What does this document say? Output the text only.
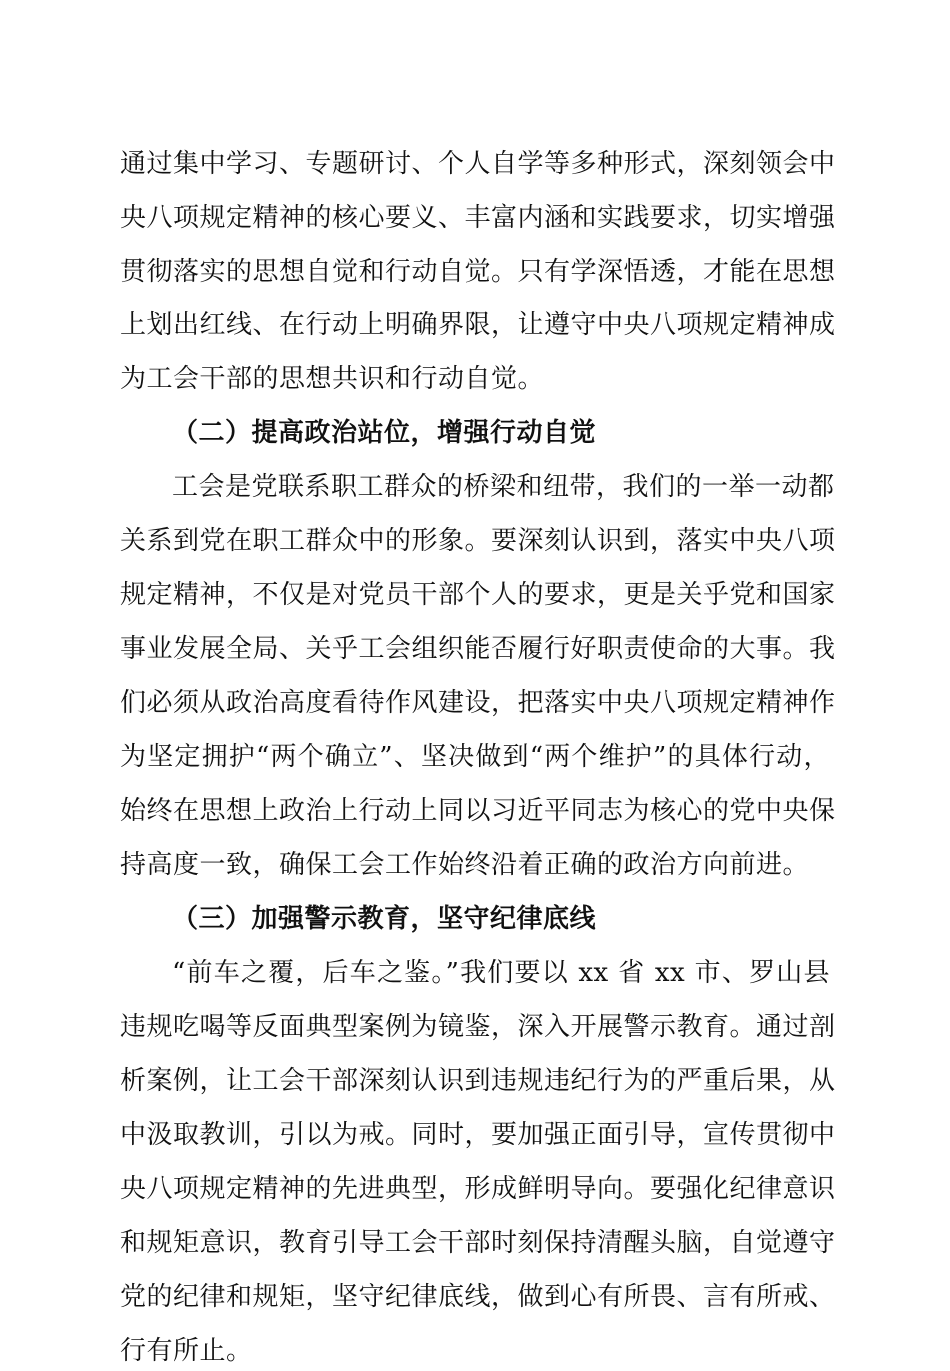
通过集中学习、专题研讨、个人自学等多种形式，深刻领会中
央八项规定精神的核心要义、丰富内涵和实践要求，切实增强
贯彻落实的思想自觉和行动自觉。只有学深悟透，才能在思想
上划出红线、在行动上明确界限，让遵守中央八项规定精神成
为工会干部的思想共识和行动自觉。
（二）提高政治站位，增强行动自觉
工会是党联系职工群众的桥梁和纽带，我们的一举一动都
关系到党在职工群众中的形象。要深刻认识到，落实中央八项
规定精神，不仅是对党员干部个人的要求，更是关乎党和国家
事业发展全局、关乎工会组织能否履行好职责使命的大事。我
们必须从政治高度看待作风建设，把落实中央八项规定精神作
为坚定拥护“两个确立”、坚决做到“两个维护”的具体行动，
始终在思想上政治上行动上同以习近平同志为核心的党中央保
持高度一致，确保工会工作始终沿着正确的政治方向前进。
（三）加强警示教育，坚守纪律底线
“前车之覆，后车之鉴。”我们要以 xx 省 xx 市、罗山县
违规吃喝等反面典型案例为镜鉴，深入开展警示教育。通过剖
析案例，让工会干部深刻认识到违规违纪行为的严重后果，从
中汲取教训，引以为戒。同时，要加强正面引导，宣传贯彻中
央八项规定精神的先进典型，形成鲜明导向。要强化纪律意识
和规矩意识，教育引导工会干部时刻保持清醒头脑，自觉遵守
党的纪律和规矩，坚守纪律底线，做到心有所畏、言有所戒、
行有所止。
